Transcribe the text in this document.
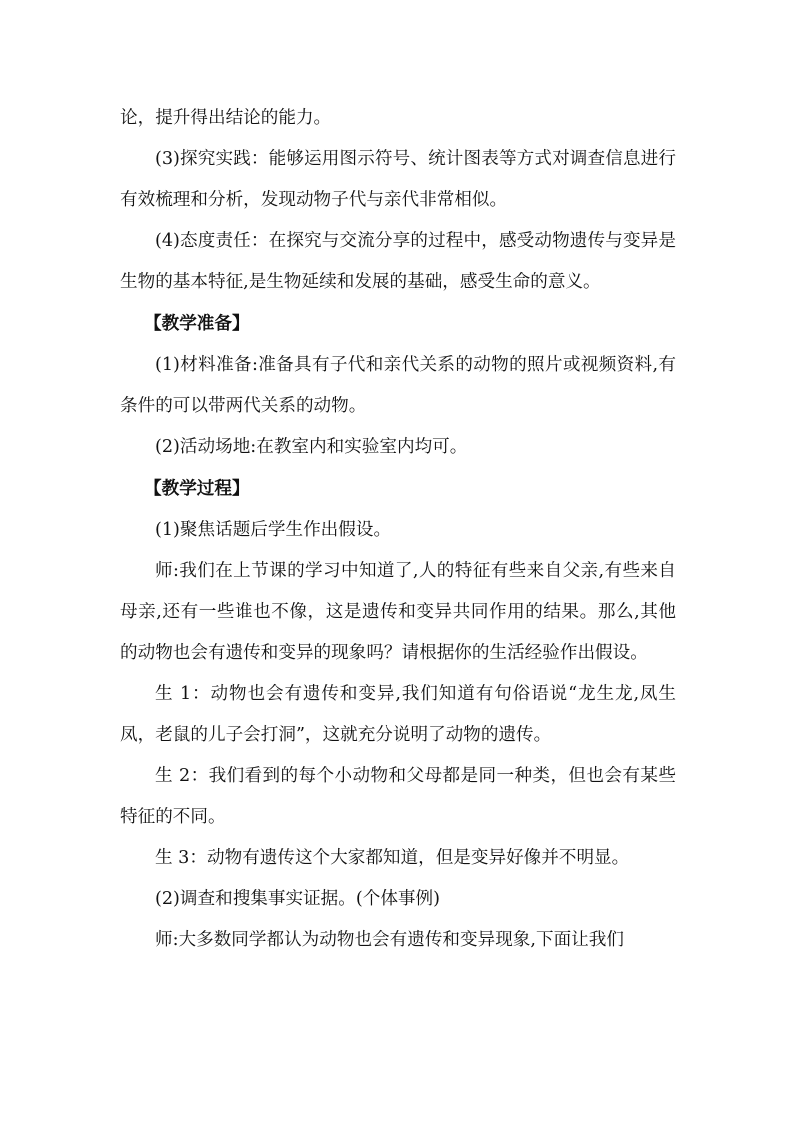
论，提升得出结论的能力。

(3)探究实践：能够运用图示符号、统计图表等方式对调查信息进行有效梳理和分析，发现动物子代与亲代非常相似。

(4)态度责任：在探究与交流分享的过程中，感受动物遗传与变异是生物的基本特征,是生物延续和发展的基础，感受生命的意义。

【教学准备】

(1)材料准备:准备具有子代和亲代关系的动物的照片或视频资料,有条件的可以带两代关系的动物。

(2)活动场地:在教室内和实验室内均可。

【教学过程】

(1)聚焦话题后学生作出假设。

师:我们在上节课的学习中知道了,人的特征有些来自父亲,有些来自母亲,还有一些谁也不像，这是遗传和变异共同作用的结果。那么,其他的动物也会有遗传和变异的现象吗？请根据你的生活经验作出假设。

生 1：动物也会有遗传和变异,我们知道有句俗语说“龙生龙,凤生凤，老鼠的儿子会打洞”，这就充分说明了动物的遗传。

生 2：我们看到的每个小动物和父母都是同一种类，但也会有某些特征的不同。

生 3：动物有遗传这个大家都知道，但是变异好像并不明显。

(2)调查和搜集事实证据。(个体事例)

师:大多数同学都认为动物也会有遗传和变异现象,下面让我们
